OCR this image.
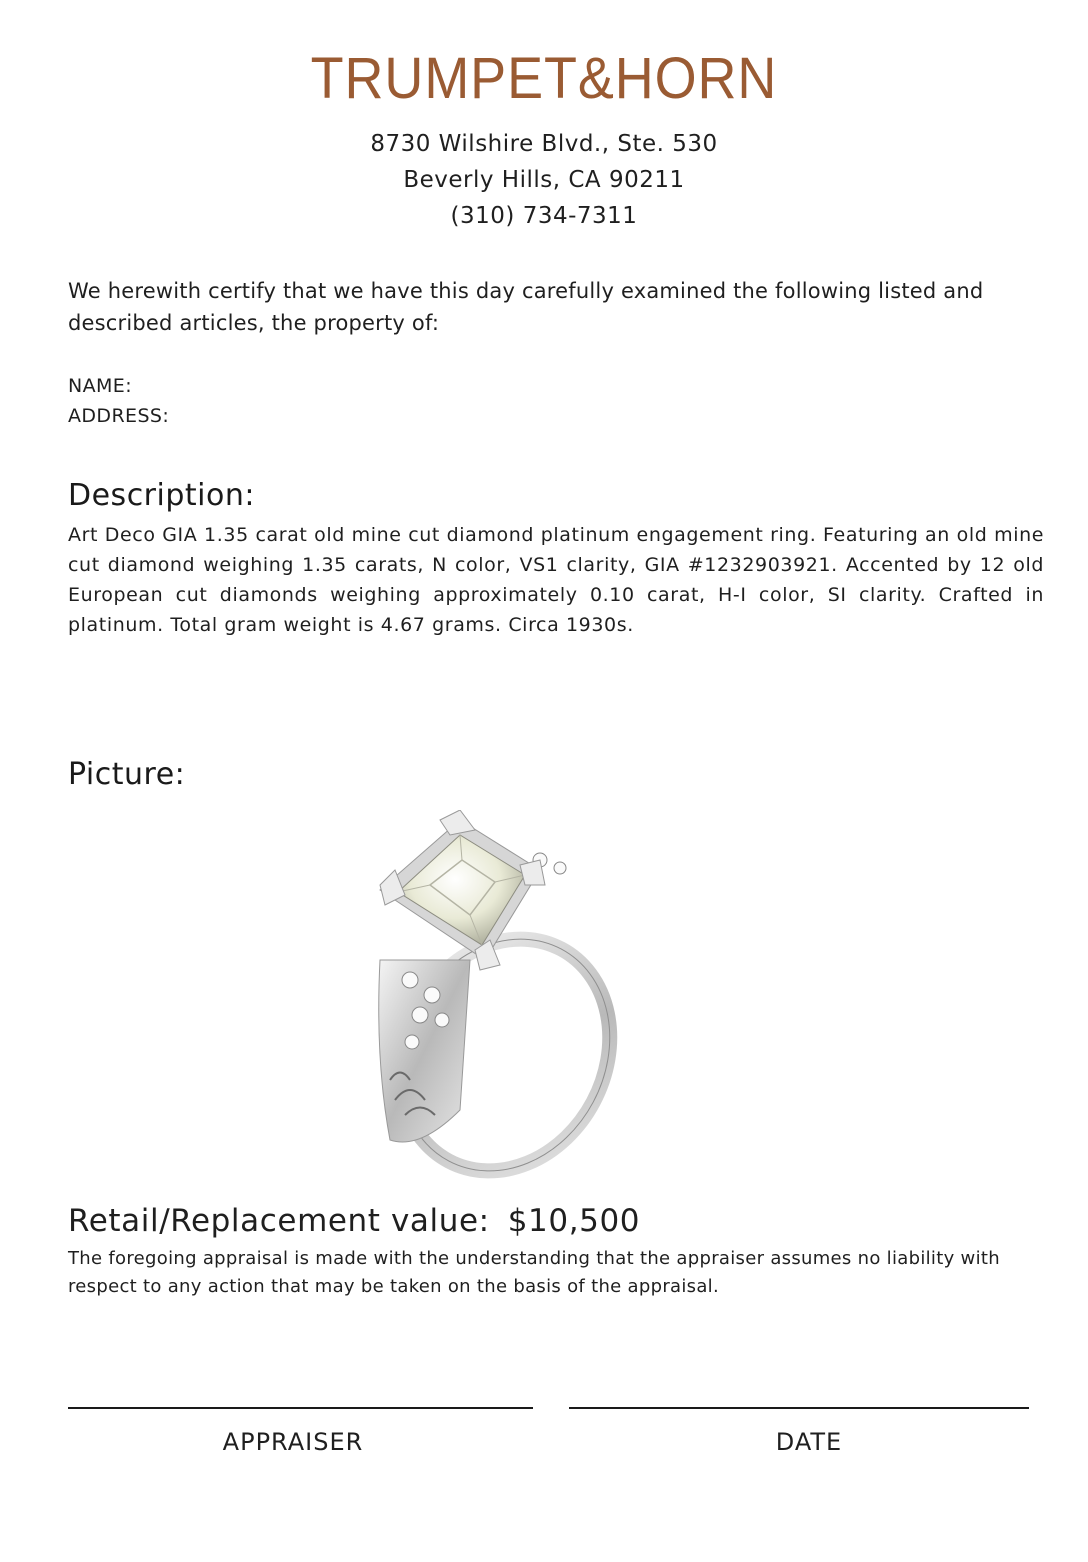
TRUMPET&HORN
8730 Wilshire Blvd., Ste. 530
Beverly Hills, CA 90211
(310) 734-7311
We herewith certify that we have this day carefully examined the following listed and described articles, the property of:
NAME:
ADDRESS:
Description:
Art Deco GIA 1.35 carat old mine cut diamond platinum engagement ring. Featuring an old mine cut diamond weighing 1.35 carats, N color, VS1 clarity, GIA #1232903921. Accented by 12 old European cut diamonds weighing approximately 0.10 carat, H-I color, SI clarity. Crafted in platinum. Total gram weight is 4.67 grams. Circa 1930s.
Picture:
Retail/Replacement value: $10,500
The foregoing appraisal is made with the understanding that the appraiser assumes no liability with respect to any action that may be taken on the basis of the appraisal.
APPRAISER	DATE
